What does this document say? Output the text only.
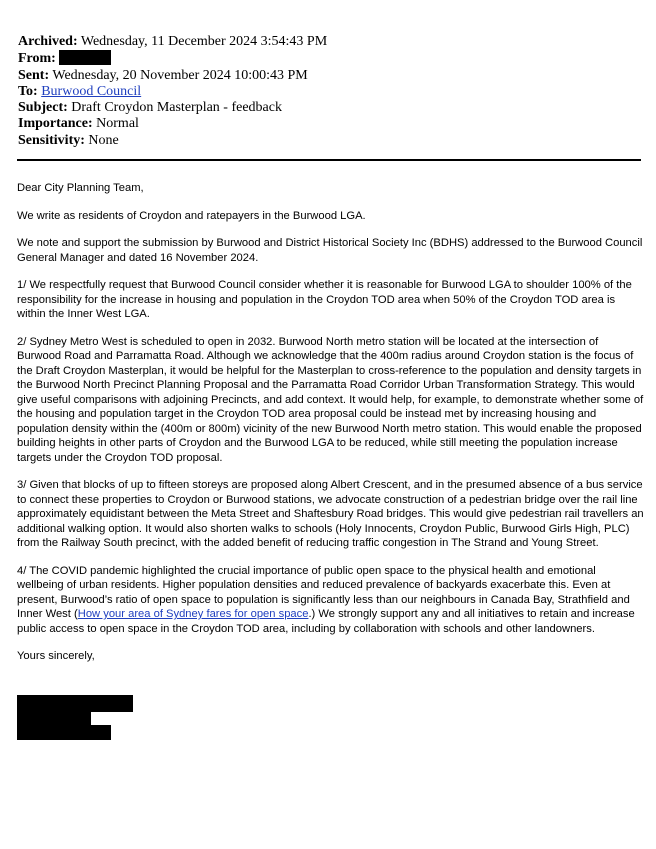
Archived: Wednesday, 11 December 2024 3:54:43 PM
From:
Sent: Wednesday, 20 November 2024 10:00:43 PM
To: Burwood Council
Subject: Draft Croydon Masterplan - feedback
Importance: Normal
Sensitivity: None

Dear City Planning Team,

We write as residents of Croydon and ratepayers in the Burwood LGA.

We note and support the submission by Burwood and District Historical Society Inc (BDHS) addressed to the Burwood Council General Manager and dated 16 November 2024.

1/ We respectfully request that Burwood Council consider whether it is reasonable for Burwood LGA to shoulder 100% of the responsibility for the increase in housing and population in the Croydon TOD area when 50% of the Croydon TOD area is within the Inner West LGA.

2/ Sydney Metro West is scheduled to open in 2032. Burwood North metro station will be located at the intersection of Burwood Road and Parramatta Road. Although we acknowledge that the 400m radius around Croydon station is the focus of the Draft Croydon Masterplan, it would be helpful for the Masterplan to cross-reference to the population and density targets in the Burwood North Precinct Planning Proposal and the Parramatta Road Corridor Urban Transformation Strategy. This would give useful comparisons with adjoining Precincts, and add context. It would help, for example, to demonstrate whether some of the housing and population target in the Croydon TOD area proposal could be instead met by increasing housing and population density within the (400m or 800m) vicinity of the new Burwood North metro station. This would enable the proposed building heights in other parts of Croydon and the Burwood LGA to be reduced, while still meeting the population increase targets under the Croydon TOD proposal.

3/ Given that blocks of up to fifteen storeys are proposed along Albert Crescent, and in the presumed absence of a bus service to connect these properties to Croydon or Burwood stations, we advocate construction of a pedestrian bridge over the rail line approximately equidistant between the Meta Street and Shaftesbury Road bridges. This would give pedestrian rail travellers an additional walking option. It would also shorten walks to schools (Holy Innocents, Croydon Public, Burwood Girls High, PLC) from the Railway South precinct, with the added benefit of reducing traffic congestion in The Strand and Young Street.

4/ The COVID pandemic highlighted the crucial importance of public open space to the physical health and emotional wellbeing of urban residents. Higher population densities and reduced prevalence of backyards exacerbate this. Even at present, Burwood’s ratio of open space to population is significantly less than our neighbours in Canada Bay, Strathfield and Inner West (How your area of Sydney fares for open space.) We strongly support any and all initiatives to retain and increase public access to open space in the Croydon TOD area, including by collaboration with schools and other landowners.

Yours sincerely,
